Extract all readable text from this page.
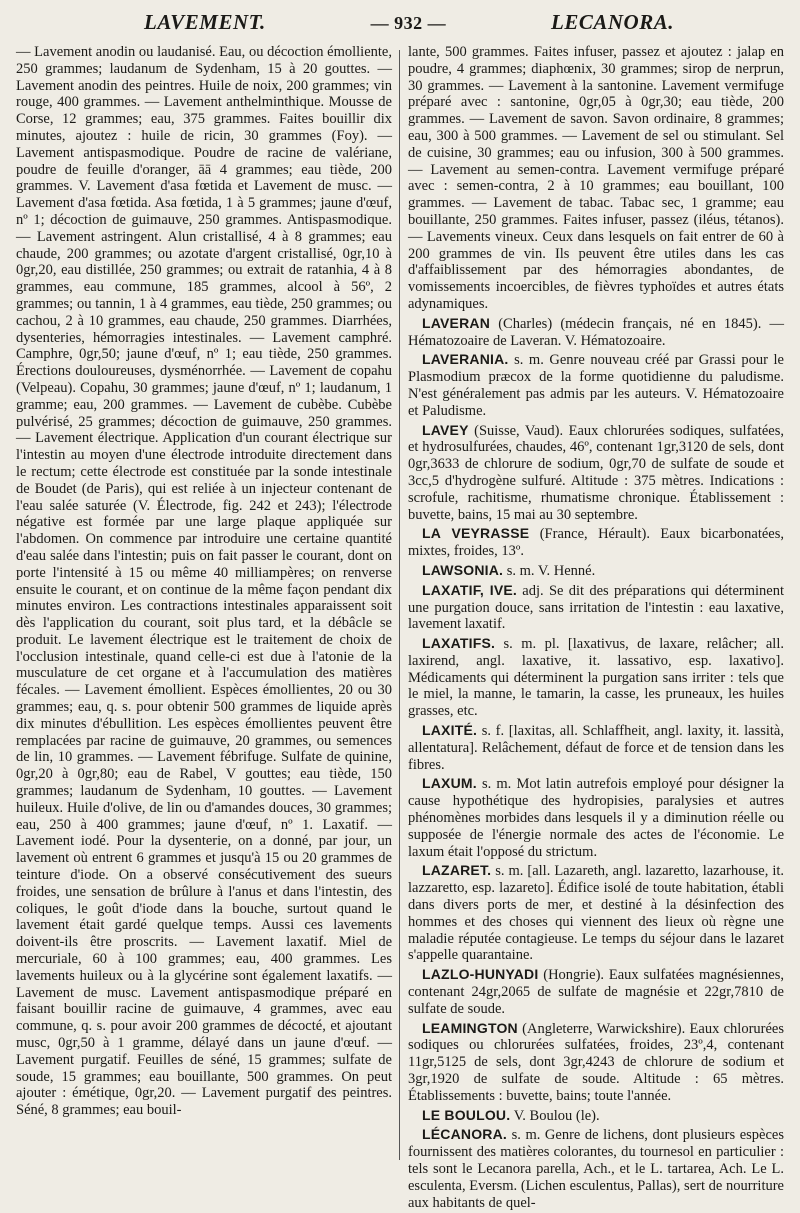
LAVEMENT.	— 932 —	LECANORA.

— Lavement anodin ou laudanisé. Eau, ou décoction émolliente, 250 grammes; laudanum de Sydenham, 15 à 20 gouttes. — Lavement anodin des peintres. Huile de noix, 200 grammes; vin rouge, 400 grammes. — Lavement anthelminthique. Mousse de Corse, 12 grammes; eau, 375 grammes. Faites bouillir dix minutes, ajoutez : huile de ricin, 30 grammes (Foy). — Lavement antispasmodique. Poudre de racine de valériane, poudre de feuille d'oranger, āā 4 grammes; eau tiède, 200 grammes. V. Lavement d'asa fœtida et Lavement de musc. — Lavement d'asa fœtida. Asa fœtida, 1 à 5 grammes; jaune d'œuf, nº 1; décoction de guimauve, 250 grammes. Antispasmodique. — Lavement astringent. Alun cristallisé, 4 à 8 grammes; eau chaude, 200 grammes; ou azotate d'argent cristallisé, 0gr,10 à 0gr,20, eau distillée, 250 grammes; ou extrait de ratanhia, 4 à 8 grammes, eau commune, 185 grammes, alcool à 56º, 2 grammes; ou tannin, 1 à 4 grammes, eau tiède, 250 grammes; ou cachou, 2 à 10 grammes, eau chaude, 250 grammes. Diarrhées, dysenteries, hémorragies intestinales. — Lavement camphré. Camphre, 0gr,50; jaune d'œuf, nº 1; eau tiède, 250 grammes. Érections douloureuses, dysménorrhée. — Lavement de copahu (Velpeau). Copahu, 30 grammes; jaune d'œuf, nº 1; laudanum, 1 gramme; eau, 200 grammes. — Lavement de cubèbe. Cubèbe pulvérisé, 25 grammes; décoction de guimauve, 250 grammes. — Lavement électrique. Application d'un courant électrique sur l'intestin au moyen d'une électrode introduite directement dans le rectum; cette électrode est constituée par la sonde intestinale de Boudet (de Paris), qui est reliée à un injecteur contenant de l'eau salée saturée (V. Électrode, fig. 242 et 243); l'électrode négative est formée par une large plaque appliquée sur l'abdomen. On commence par introduire une certaine quantité d'eau salée dans l'intestin; puis on fait passer le courant, dont on porte l'intensité à 15 ou même 40 milliampères; on renverse ensuite le courant, et on continue de la même façon pendant dix minutes environ. Les contractions intestinales apparaissent soit dès l'application du courant, soit plus tard, et la débâcle se produit. Le lavement électrique est le traitement de choix de l'occlusion intestinale, quand celle-ci est due à l'atonie de la musculature de cet organe et à l'accumulation des matières fécales. — Lavement émollient. Espèces émollientes, 20 ou 30 grammes; eau, q. s. pour obtenir 500 grammes de liquide après dix minutes d'ébullition. Les espèces émollientes peuvent être remplacées par racine de guimauve, 20 grammes, ou semences de lin, 10 grammes. — Lavement fébrifuge. Sulfate de quinine, 0gr,20 à 0gr,80; eau de Rabel, V gouttes; eau tiède, 150 grammes; laudanum de Sydenham, 10 gouttes. — Lavement huileux. Huile d'olive, de lin ou d'amandes douces, 30 grammes; eau, 250 à 400 grammes; jaune d'œuf, nº 1. Laxatif. — Lavement iodé. Pour la dysenterie, on a donné, par jour, un lavement où entrent 6 grammes et jusqu'à 15 ou 20 grammes de teinture d'iode. On a observé consécutivement des sueurs froides, une sensation de brûlure à l'anus et dans l'intestin, des coliques, le goût d'iode dans la bouche, surtout quand le lavement était gardé quelque temps. Aussi ces lavements doivent-ils être proscrits. — Lavement laxatif. Miel de mercuriale, 60 à 100 grammes; eau, 400 grammes. Les lavements huileux ou à la glycérine sont également laxatifs. — Lavement de musc. Lavement antispasmodique préparé en faisant bouillir racine de guimauve, 4 grammes, avec eau commune, q. s. pour avoir 200 grammes de décocté, et ajoutant musc, 0gr,50 à 1 gramme, délayé dans un jaune d'œuf. — Lavement purgatif. Feuilles de séné, 15 grammes; sulfate de soude, 15 grammes; eau bouillante, 500 grammes. On peut ajouter : émétique, 0gr,20. — Lavement purgatif des peintres. Séné, 8 grammes; eau bouil-

lante, 500 grammes. Faites infuser, passez et ajoutez : jalap en poudre, 4 grammes; diaphœnix, 30 grammes; sirop de nerprun, 30 grammes. — Lavement à la santonine. Lavement vermifuge préparé avec : santonine, 0gr,05 à 0gr,30; eau tiède, 200 grammes. — Lavement de savon. Savon ordinaire, 8 grammes; eau, 300 à 500 grammes. — Lavement de sel ou stimulant. Sel de cuisine, 30 grammes; eau ou infusion, 300 à 500 grammes. — Lavement au semen-contra. Lavement vermifuge préparé avec : semen-contra, 2 à 10 grammes; eau bouillant, 100 grammes. — Lavement de tabac. Tabac sec, 1 gramme; eau bouillante, 250 grammes. Faites infuser, passez (iléus, tétanos). — Lavements vineux. Ceux dans lesquels on fait entrer de 60 à 200 grammes de vin. Ils peuvent être utiles dans les cas d'affaiblissement par des hémorragies abondantes, de vomissements incoercibles, de fièvres typhoïdes et autres états adynamiques.

LAVERAN (Charles) (médecin français, né en 1845). — Hématozoaire de Laveran. V. Hématozoaire.

LAVERANIA. s. m. Genre nouveau créé par Grassi pour le Plasmodium præcox de la forme quotidienne du paludisme. N'est généralement pas admis par les auteurs. V. Hématozoaire et Paludisme.

LAVEY (Suisse, Vaud). Eaux chlorurées sodiques, sulfatées, et hydrosulfurées, chaudes, 46º, contenant 1gr,3120 de sels, dont 0gr,3633 de chlorure de sodium, 0gr,70 de sulfate de soude et 3cc,5 d'hydrogène sulfuré. Altitude : 375 mètres. Indications : scrofule, rachitisme, rhumatisme chronique. Établissement : buvette, bains, 15 mai au 30 septembre.

LA VEYRASSE (France, Hérault). Eaux bicarbonatées, mixtes, froides, 13º.

LAWSONIA. s. m. V. Henné.

LAXATIF, IVE. adj. Se dit des préparations qui déterminent une purgation douce, sans irritation de l'intestin : eau laxative, lavement laxatif.

LAXATIFS. s. m. pl. [laxativus, de laxare, relâcher; all. laxirend, angl. laxative, it. lassativo, esp. laxativo]. Médicaments qui déterminent la purgation sans irriter : tels que le miel, la manne, le tamarin, la casse, les pruneaux, les huiles grasses, etc.

LAXITÉ. s. f. [laxitas, all. Schlaffheit, angl. laxity, it. lassità, allentatura]. Relâchement, défaut de force et de tension dans les fibres.

LAXUM. s. m. Mot latin autrefois employé pour désigner la cause hypothétique des hydropisies, paralysies et autres phénomènes morbides dans lesquels il y a diminution réelle ou supposée de l'énergie normale des actes de l'économie. Le laxum était l'opposé du strictum.

LAZARET. s. m. [all. Lazareth, angl. lazaretto, lazarhouse, it. lazzaretto, esp. lazareto]. Édifice isolé de toute habitation, établi dans divers ports de mer, et destiné à la désinfection des hommes et des choses qui viennent des lieux où règne une maladie réputée contagieuse. Le temps du séjour dans le lazaret s'appelle quarantaine.

LAZLO-HUNYADI (Hongrie). Eaux sulfatées magnésiennes, contenant 24gr,2065 de sulfate de magnésie et 22gr,7810 de sulfate de soude.

LEAMINGTON (Angleterre, Warwickshire). Eaux chlorurées sodiques ou chlorurées sulfatées, froides, 23º,4, contenant 11gr,5125 de sels, dont 3gr,4243 de chlorure de sodium et 3gr,1920 de sulfate de soude. Altitude : 65 mètres. Établissements : buvette, bains; toute l'année.

LE BOULOU. V. Boulou (le).

LÉCANORA. s. m. Genre de lichens, dont plusieurs espèces fournissent des matières colorantes, du tournesol en particulier : tels sont le Lecanora parella, Ach., et le L. tartarea, Ach. Le L. esculenta, Eversm. (Lichen esculentus, Pallas), sert de nourriture aux habitants de quel-
